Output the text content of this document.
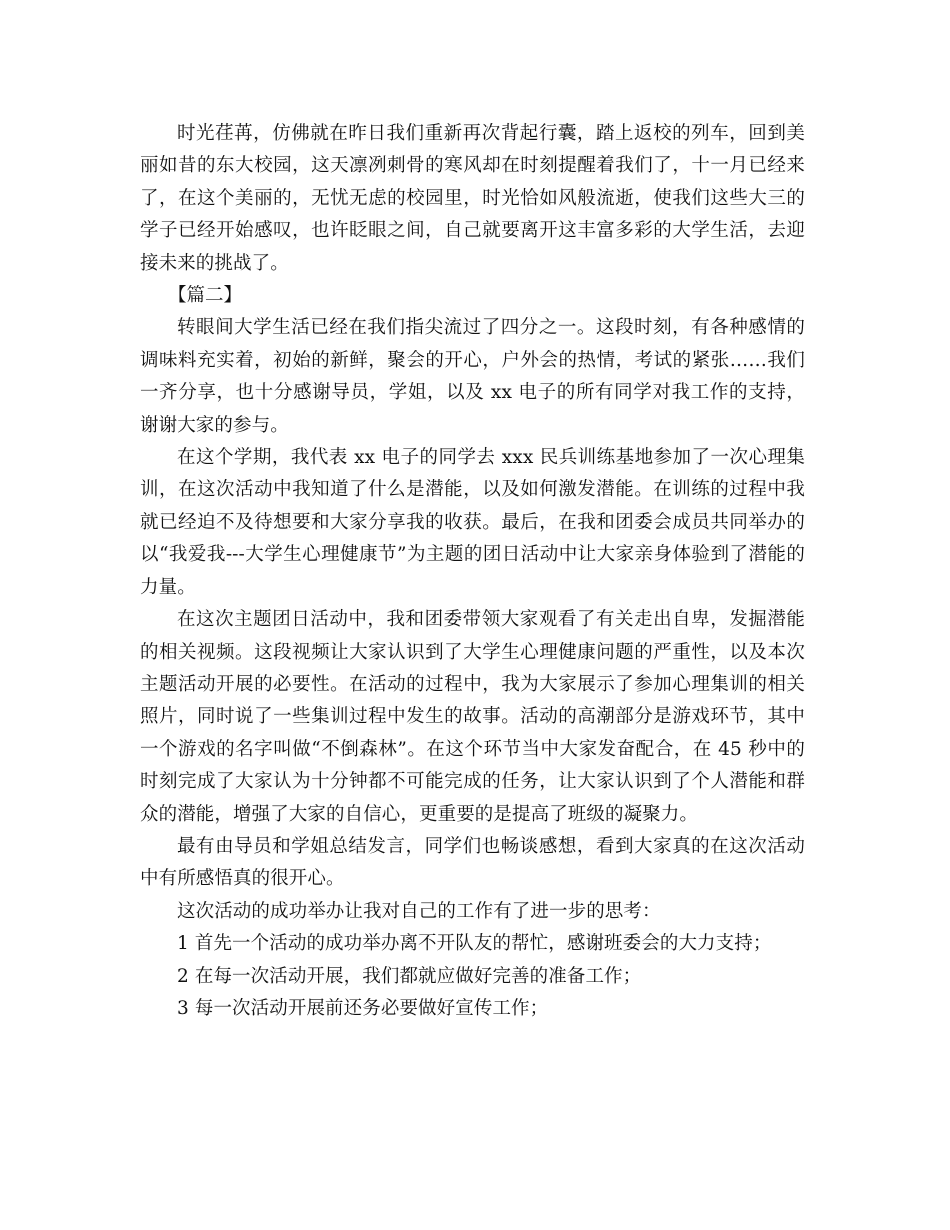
时光荏苒，仿佛就在昨日我们重新再次背起行囊，踏上返校的列车，回到美丽如昔的东大校园，这天凛冽刺骨的寒风却在时刻提醒着我们了，十一月已经来了，在这个美丽的，无忧无虑的校园里，时光恰如风般流逝，使我们这些大三的学子已经开始感叹，也许眨眼之间，自己就要离开这丰富多彩的大学生活，去迎接未来的挑战了。

【篇二】

转眼间大学生活已经在我们指尖流过了四分之一。这段时刻，有各种感情的调味料充实着，初始的新鲜，聚会的开心，户外会的热情，考试的紧张……我们一齐分享，也十分感谢导员，学姐，以及 xx 电子的所有同学对我工作的支持，谢谢大家的参与。

在这个学期，我代表 xx 电子的同学去 xxx 民兵训练基地参加了一次心理集训，在这次活动中我知道了什么是潜能，以及如何激发潜能。在训练的过程中我就已经迫不及待想要和大家分享我的收获。最后，在我和团委会成员共同举办的以“我爱我---大学生心理健康节”为主题的团日活动中让大家亲身体验到了潜能的力量。

在这次主题团日活动中，我和团委带领大家观看了有关走出自卑，发掘潜能的相关视频。这段视频让大家认识到了大学生心理健康问题的严重性，以及本次主题活动开展的必要性。在活动的过程中，我为大家展示了参加心理集训的相关照片，同时说了一些集训过程中发生的故事。活动的高潮部分是游戏环节，其中一个游戏的名字叫做“不倒森林”。在这个环节当中大家发奋配合，在 45 秒中的时刻完成了大家认为十分钟都不可能完成的任务，让大家认识到了个人潜能和群众的潜能，增强了大家的自信心，更重要的是提高了班级的凝聚力。

最有由导员和学姐总结发言，同学们也畅谈感想，看到大家真的在这次活动中有所感悟真的很开心。

这次活动的成功举办让我对自己的工作有了进一步的思考：

1 首先一个活动的成功举办离不开队友的帮忙，感谢班委会的大力支持；

2 在每一次活动开展，我们都就应做好完善的准备工作；

3 每一次活动开展前还务必要做好宣传工作；
